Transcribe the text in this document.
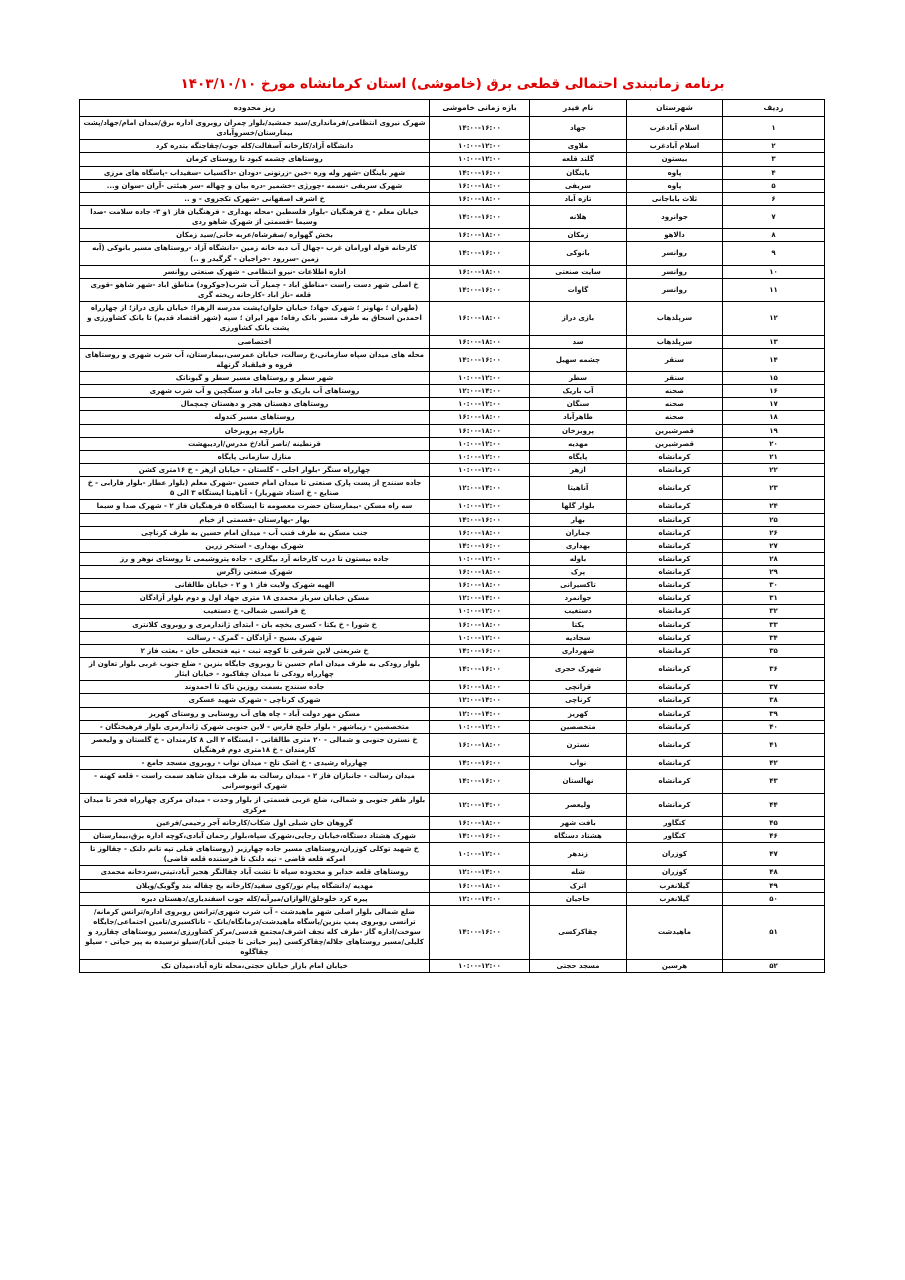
برنامه زمانبندی احتمالی قطعی برق (خاموشی) استان کرمانشاه مورخ ۱۴۰۳/۱۰/۱۰
ردیف	شهرستان	نام فیدر	بازه زمانی خاموشی	ریز محدوده
۱	اسلام آبادغرب	جهاد	۱۴:۰۰-۱۶:۰۰	شهرک نیروی انتظامی/فرمانداری/سید جمشید/بلوار چمران روبروی اداره برق/میدان امام/جهاد/پشت بیمارستان/خسروآبادی
۲	اسلام آبادغرب	ملاوی	۱۰:۰۰-۱۲:۰۰	دانشگاه آزاد/کارخانه آسفالت/کله جوب/چقاجنگه بندره کرد
۳	بیستون	گلند قلعه	۱۰:۰۰-۱۲:۰۰	روستاهای چشمه کبود تا روستای کرمان
۴	پاوه	باینگان	۱۴:۰۰-۱۶:۰۰	شهر باینگان -شهر وله وره -خین -زرتونی -دودان -داکسیاب -سفیداب -پاسگاه های مرزی
۵	پاوه	سریفی	۱۶:۰۰-۱۸:۰۰	شهرک سریفی -نسمه -چورژی -خشمیر -دره بیان و چهاله -سر هیئتی -آران -سوان و...
۶	ثلاث باباجانی	تازه آباد	۱۶:۰۰-۱۸:۰۰	خ اشرف اصفهانی -شهرک تکجزوی - و ..
۷	جوانرود	هلانه	۱۴:۰۰-۱۶:۰۰	خیابان معلم - خ فرهنگیان -بلوار فلسطین -محله بهداری - فرهنگیان فاز ۱و ۳- جاده سلامت -صدا وسیما -قسمتی از شهرک شاهو ردی
۸	دالاهو	زمکان	۱۶:۰۰-۱۸:۰۰	بخش گهواره /صفرشاه/عربه خانی/سید زمکان
۹	روانسر	بانوکی	۱۴:۰۰-۱۶:۰۰	کارخانه قوله اورامان غرب -چهال آب دبه خانه زمین -دانشگاه آزاد -روستاهای مسیر بانوکی (آبه زمین -سررود -خراجیان - گرگیدر و ..)
۱۰	روانسر	سایت صنعتی	۱۶:۰۰-۱۸:۰۰	اداره اطلاعات -نیرو انتظامی - شهرک صنعتی روانسر
۱۱	روانسر	گاوات	۱۴:۰۰-۱۶:۰۰	خ اصلی شهر دست راست -مناطق اباد - چمیار آب شرب(جوکرود) مناطق اباد -شهر شاهو -قوری قلعه -ناز اباد -کارخانه ریخته گری
۱۲	سرپلذهاب	بازی دراز	۱۶:۰۰-۱۸:۰۰	(طهران ؛ بهاونر ؛ شهرک جهاد؛ خیابان حلوان؛پشت مدرسه الزهرا؛ خیابان بازی دراز؛ از چهارراه احمدبن اسحاق به طرف مسیر بانک رفاه؛ مهر ایران ؛ سپه (شهر اقتصاد قدیم) تا بانک کشاورزی و پشت بانک کشاورزی
۱۳	سرپلذهاب	سد	۱۶:۰۰-۱۸:۰۰	اختصاصی
۱۴	سنقر	چشمه سهیل	۱۴:۰۰-۱۶:۰۰	محله های میدان سپاه سازمانی،خ رسالت، خیابان عمرسی،بیمارستان، آب شرب شهری و روستاهای قروه و فیلقباد گزنهله
۱۵	سنقر	سطر	۱۰:۰۰-۱۲:۰۰	شهر سطر و روستاهای مسیر سطر و گیوناتک
۱۶	صحنه	آب باریک	۱۲:۰۰-۱۴:۰۰	روستاهای آب باریک و جابی اباد و سنگچین و آب شرب شهری
۱۷	صحنه	سنگان	۱۰:۰۰-۱۲:۰۰	روستاهای دهستان هجر و دهستان چمچمال
۱۸	صحنه	طاهرآباد	۱۶:۰۰-۱۸:۰۰	روستاهای مسیر کندوله
۱۹	قصرشیرین	پرویزخان	۱۶:۰۰-۱۸:۰۰	بازارچه پرویزخان
۲۰	قصرشیرین	مهدیه	۱۰:۰۰-۱۲:۰۰	قرنطینه /ناصر آباد/خ مدرس/اردیبهشت
۲۱	کرمانشاه	پایگاه	۱۰:۰۰-۱۲:۰۰	منازل سازمانی پایگاه
۲۲	کرمانشاه	ازهر	۱۰:۰۰-۱۲:۰۰	چهارراه سنگر -بلوار اجلی - گلستان - خیابان ازهر - خ ۱۶متری کشن
۲۳	کرمانشاه	آناهیتا	۱۲:۰۰-۱۴:۰۰	جاده سنندج از پست پارک صنعتی تا میدان امام حسین -شهرک معلم (بلوار عطار -بلوار فارابی - خ صنایع - خ استاد شهریار) - آناهیتا ایستگاه ۳ الی ۵
۲۴	کرمانشاه	بلوار گلها	۱۰:۰۰-۱۲:۰۰	سه راه مسکن -بیمارستان حضرت معصومه تا ایستگاه ۵ فرهنگیان فاز ۲ - شهرک صدا و سیما
۲۵	کرمانشاه	بهار	۱۴:۰۰-۱۶:۰۰	بهار -بهارستان -قسمتی از خیام
۲۶	کرمانشاه	جماران	۱۶:۰۰-۱۸:۰۰	جنب مسکن به طرف قنب آب - میدان امام حسین به طرف کرناچی
۲۷	کرمانشاه	بهداری	۱۴:۰۰-۱۶:۰۰	شهرک بهداری - استخر زرین
۲۸	کرمانشاه	باوله	۱۰:۰۰-۱۲:۰۰	جاده بیستون تا درب کارخانه آرد بیگلری - جاده پتروشیمی تا روستای نوهر و رز
۲۹	کرمانشاه	پرک	۱۶:۰۰-۱۸:۰۰	شهرک صنعتی زاگرس
۳۰	کرمانشاه	تاکسیرانی	۱۶:۰۰-۱۸:۰۰	الهیه شهرک ولایت فاز ۱ و ۲ - خیابان طالقانی
۳۱	کرمانشاه	جوانمرد	۱۲:۰۰-۱۴:۰۰	مسکن خیابان سرباز محمدی ۱۸ متری جهاد اول و دوم بلوار آزادگان
۳۲	کرمانشاه	دستغیب	۱۰:۰۰-۱۲:۰۰	خ فرانسی شمالی- خ دستغیب
۳۳	کرمانشاه	یکتا	۱۶:۰۰-۱۸:۰۰	خ شورا - خ یکتا - کسری یخچه بان - ابتدای ژاندارمری و روبروی کلانتری
۳۴	کرمانشاه	سجادیه	۱۰:۰۰-۱۲:۰۰	شهرک بسیج - آزادگان - گمرک - رسالت
۳۵	کرمانشاه	شهرداری	۱۴:۰۰-۱۶:۰۰	خ شریعتی لاین شرقی تا کوچه ثبت - تپه فتحعلی خان - بعثت فاز ۲
۳۶	کرمانشاه	شهرک حجری	۱۴:۰۰-۱۶:۰۰	بلوار رودکی به طرف میدان امام حسین تا روبروی جایگاه بنزین - ضلع جنوب غربی بلوار تعاون از چهارراه رودکی تا میدان چقاکبود - خیابان ایثار
۳۷	کرمانشاه	قزانچی	۱۶:۰۰-۱۸:۰۰	جاده سنندج بسمت روزین تاک تا احمدوند
۳۸	کرمانشاه	کرناچی	۱۲:۰۰-۱۴:۰۰	شهرک کرناچی - شهرک شهید عسکری
۳۹	کرمانشاه	کهریز	۱۲:۰۰-۱۴:۰۰	مسکن مهر دولت آباد - چاه های آب روستایی و روستای کهریز
۴۰	کرمانشاه	متخصصین	۱۰:۰۰-۱۲:۰۰	متخصصین - زیباشهر - بلوار خلیج فارس - لاین جنوبی شهرک ژاندارمری بلوار فرهیختگان -
۴۱	کرمانشاه	نسترن	۱۶:۰۰-۱۸:۰۰	خ نسترن جنوبی و شمالی - ۲۰ متری طالقانی - ایستگاه ۲ الی ۸ کارمندان - خ گلستان و ولیعصر کارمندان - خ ۱۸متری دوم فرهنگیان
۴۲	کرمانشاه	نواب	۱۴:۰۰-۱۶:۰۰	چهارراه رشیدی - خ اشک تلخ - میدان نواب - روبروی مسجد جامع -
۴۳	کرمانشاه	نهالستان	۱۴:۰۰-۱۶:۰۰	میدان رسالت - جانبازان فاز ۲ - میدان رسالت به طرف میدان شاهد سمت راست - قلعه کهنه - شهرک اتوبوسرانی
۴۴	کرمانشاه	ولیعصر	۱۲:۰۰-۱۴:۰۰	بلوار ظفر جنوبی و شمالی، ضلع غربی قسمتی از بلوار وحدت - میدان مرکزی چهارراه فخر تا میدان مرکزی
۴۵	کنگاور	بافت شهر	۱۶:۰۰-۱۸:۰۰	گروهان خان شبلی اول شکاب/کارخانه آجر رحیمی/فرعین
۴۶	کنگاور	هشتاد دستگاه	۱۴:۰۰-۱۶:۰۰	شهرک هشتاد دستگاه،خیابان رجایی،شهرک سپاه،بلوار رحمان آبادی،کوچه اداره برق،بیمارستان
۴۷	کوزران	زندهر	۱۰:۰۰-۱۲:۰۰	خ شهید توکلی کوزران،روستاهای مسیر جاده چهارزبر (روستاهای قبلی تپه تانم دلنک - چقالوز تا امرکه قلعه قاضی - تپه دلنک تا فرستنده قلعه قاضی)
۴۸	کوزران	شله	۱۲:۰۰-۱۴:۰۰	روستاهای قلعه خدابر و محدوده سپاه تا تشت آباد چقالنگر هجیر آباد،تینی،سردخانه محمدی
۴۹	گیلانغرب	اترک	۱۶:۰۰-۱۸:۰۰	مهدیه /دانشگاه پیام نور/کوی سفید/کارخانه یخ چقاله بند وگویک/ویلان
۵۰	گیلانغرب	حاجیان	۱۲:۰۰-۱۴:۰۰	پیره کرد خلوخلق/الوازان/میرآبه/کله جوب اسفندیاری/دهستان دیره
۵۱	ماهیدشت	چقاکرکسی	۱۴:۰۰-۱۶:۰۰	ضلع شمالی بلوار اصلی شهر ماهیدشت - آب شرب شهری/ترانس روبروی اداره/ترانس کرمانه/ترانسی روبروی پمپ بنزین/پاسگاه ماهیدشت/درمانگاه/بانک - تاناکسیری/تامین اجتماعی/جایگاه سوخت/اداره گاز -طرف کله نجف اشرف/مجتمع قدسی/مرکز کشاورزی/مسیر روستاهای چقازرد و کلیلی/مسیر روستاهای جلاله/چقاکرکسی (پیر حیاتی تا جینی آباد)/سیلو نرسیده به پیر حیاتی - سیلو چقاگلوه
۵۲	هرسین	مسجد حجتی	۱۰:۰۰-۱۲:۰۰	خیابان امام بازار خیابان حجتی،محله تازه آباد،میدان تک
